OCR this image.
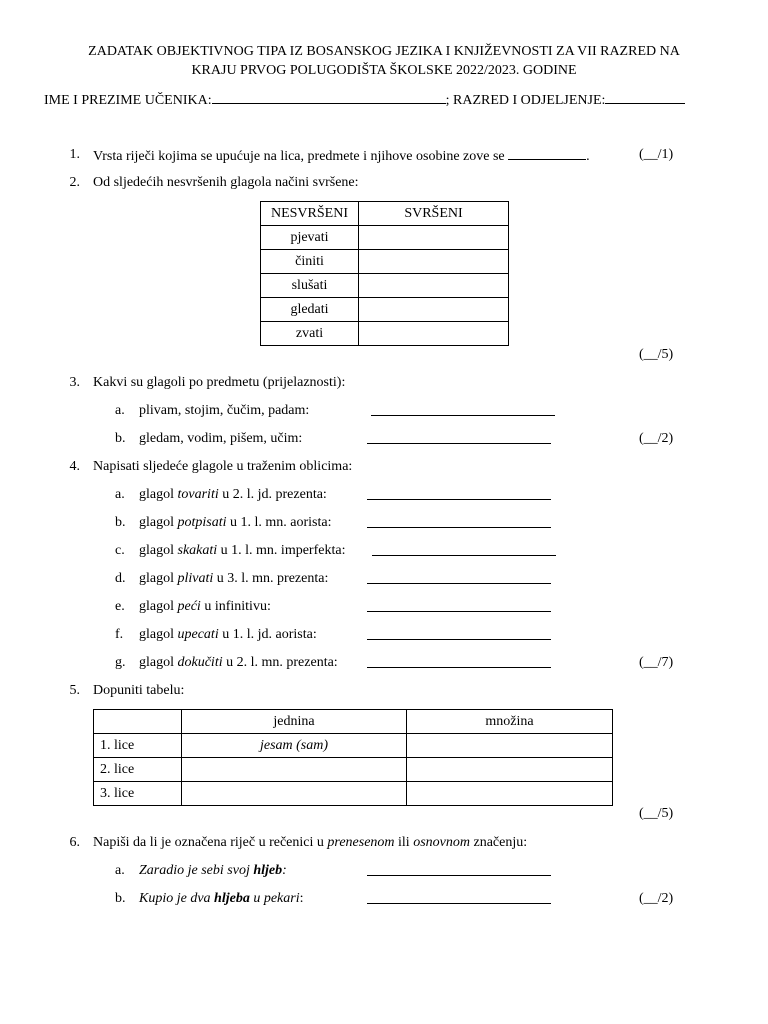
ZADATAK OBJEKTIVNOG TIPA IZ BOSANSKOG JEZIKA I KNJIŽEVNOSTI ZA VII RAZRED NA
KRAJU PRVOG POLUGODIŠTA ŠKOLSKE 2022/2023. GODINE
IME I PREZIME UČENIKA:	; RAZRED I ODJELJENJE:
1. Vrsta riječi kojima se upućuje na lica, predmete i njihove osobine zove se	.	(__/1)
2. Od sljedećih nesvršenih glagola načini svršene:
NESVRŠENI	SVRŠENI
pjevati	
činiti	
slušati	
gledati	
zvati	
(__/5)
3. Kakvi su glagoli po predmetu (prijelaznosti):
a. plivam, stojim, čučim, padam:
b. gledam, vodim, pišem, učim:	(__/2)
4. Napisati sljedeće glagole u traženim oblicima:
a. glagol tovariti u 2. l. jd. prezenta:
b. glagol potpisati u 1. l. mn. aorista:
c. glagol skakati u 1. l. mn. imperfekta:
d. glagol plivati u 3. l. mn. prezenta:
e. glagol peći u infinitivu:
f. glagol upecati u 1. l. jd. aorista:
g. glagol dokučiti u 2. l. mn. prezenta:	(__/7)
5. Dopuniti tabelu:
	jednina	množina
1. lice	jesam (sam)	
2. lice		
3. lice		
(__/5)
6. Napiši da li je označena riječ u rečenici u prenesenom ili osnovnom značenju:
a. Zaradio je sebi svoj hljeb:
b. Kupio je dva hljeba u pekari:	(__/2)
